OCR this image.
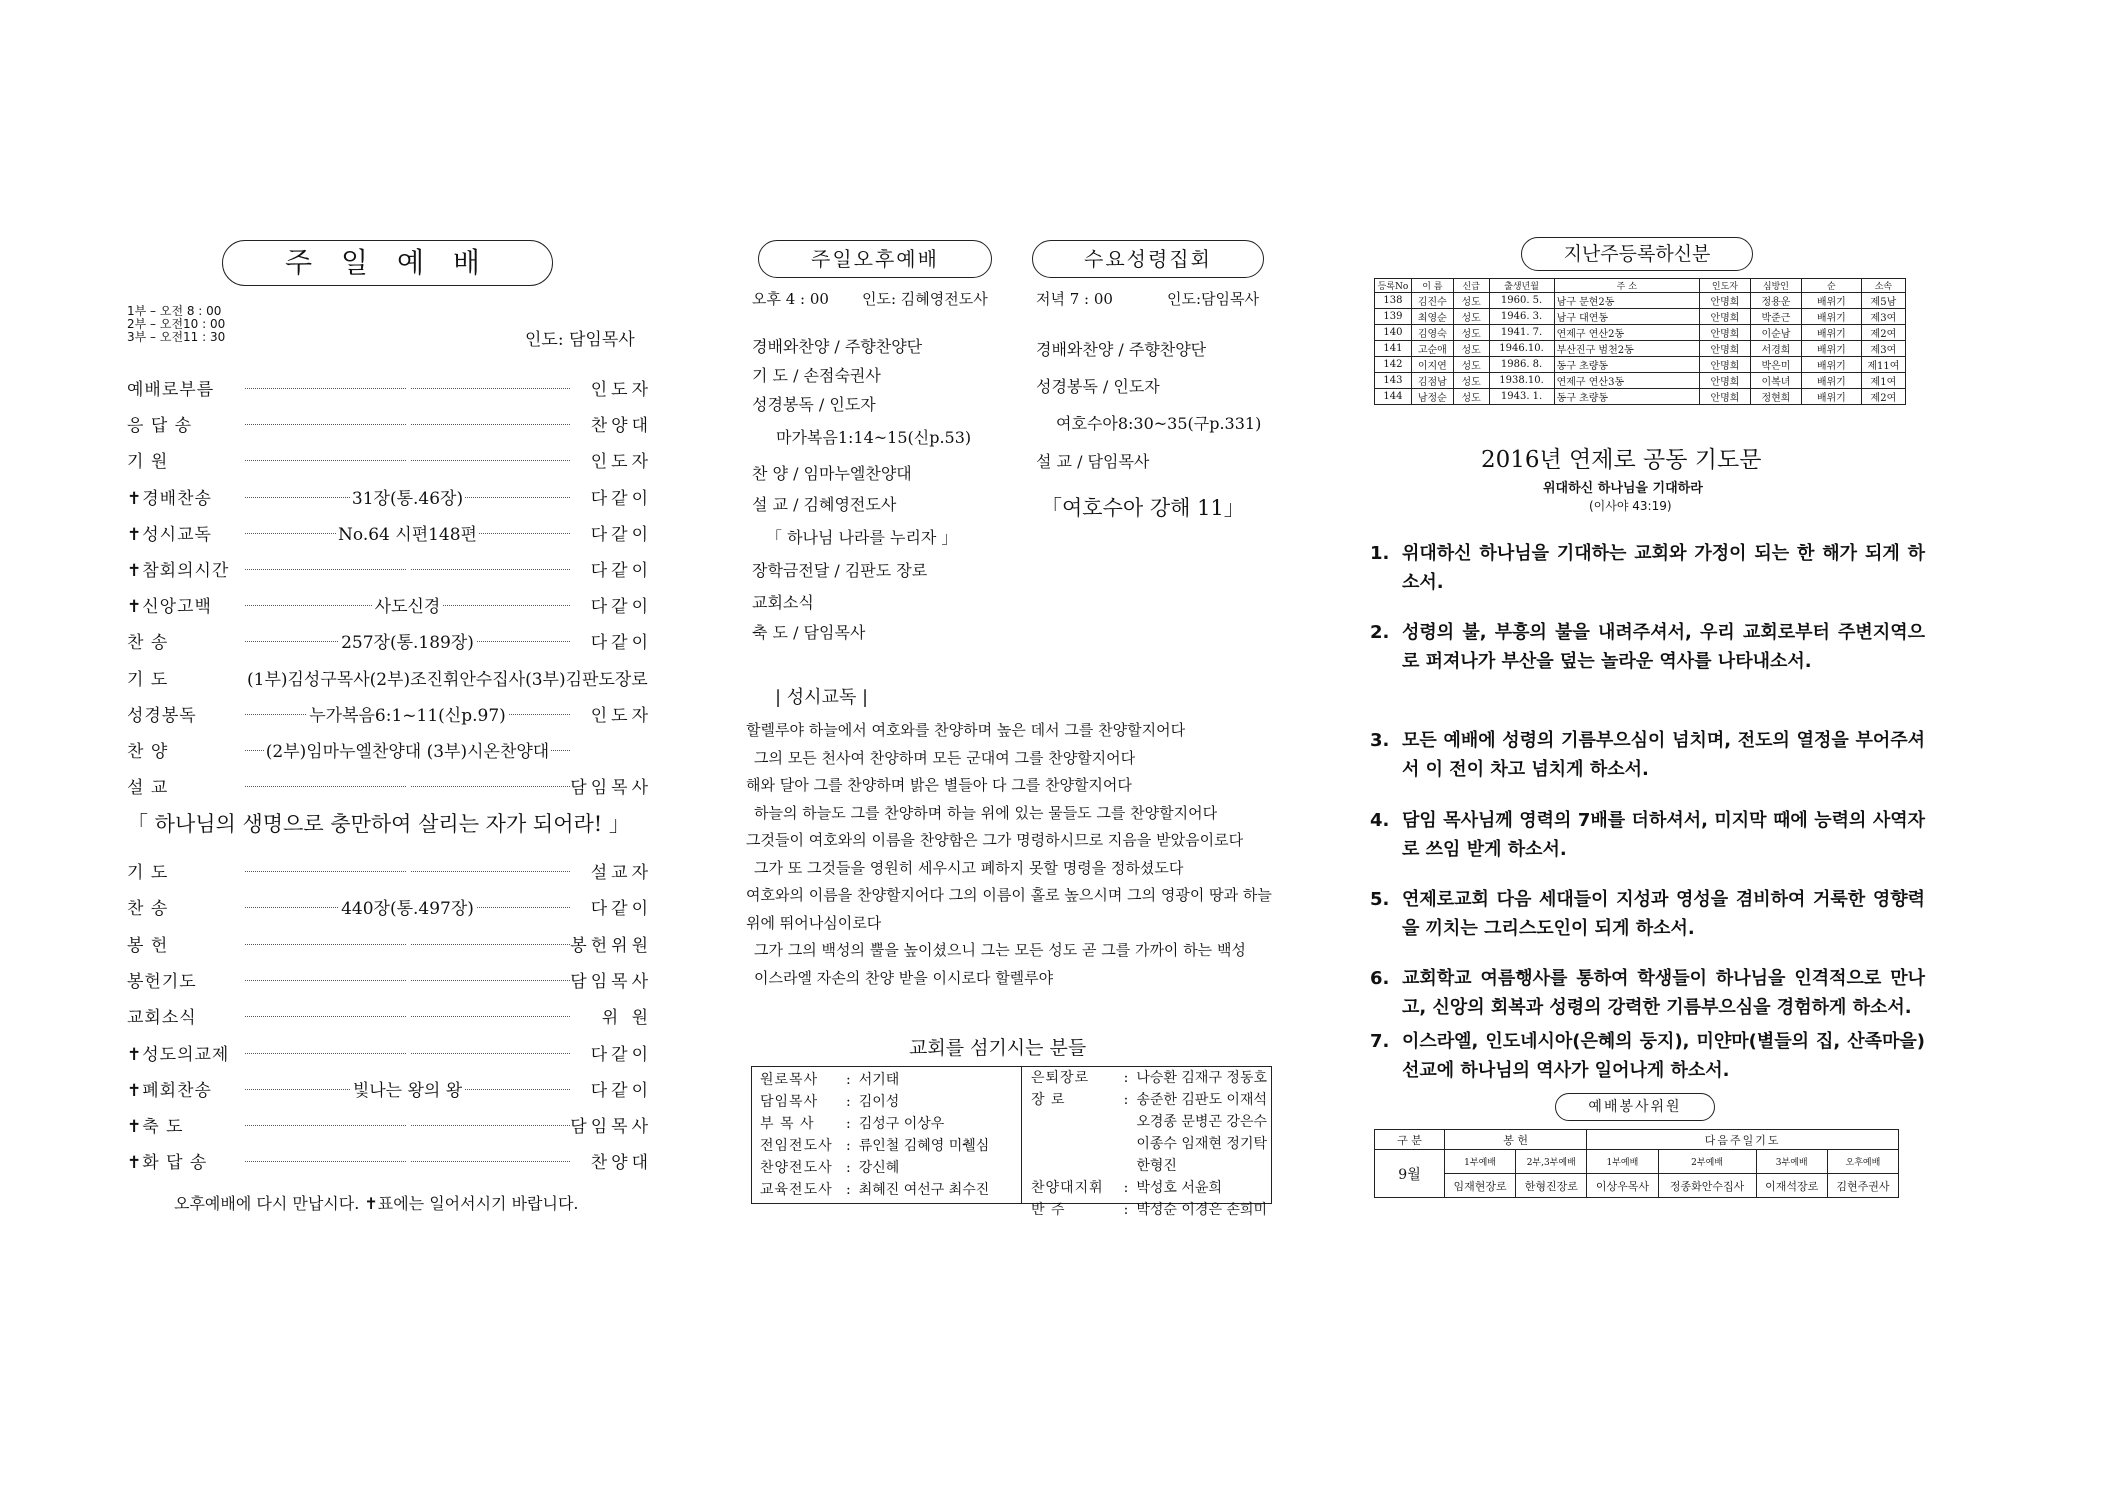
주 일 예 배
1부 – 오전 8 : 00
2부 – 오전10 : 00
3부 – 오전11 : 30	인도: 담임목사
예배로부름	인도자
응 답 송	찬양대
기 원	인도자
✝경배찬송	31장(통.46장)	다같이
✝성시교독	No.64 시편148편	다같이
✝참회의시간	다같이
✝신앙고백	사도신경	다같이
찬 송	257장(통.189장)	다같이
기 도	(1부)김성구목사(2부)조진휘안수집사(3부)김판도장로
성경봉독	누가복음6:1~11(신p.97)	인도자
찬 양	(2부)임마누엘찬양대 (3부)시온찬양대
설 교	담임목사
「 하나님의 생명으로 충만하여 살리는 자가 되어라! 」
기 도	설교자
찬 송	440장(통.497장)	다같이
봉 헌	봉헌위원
봉헌기도	담임목사
교회소식	위 원
✝성도의교제	다같이
✝폐회찬송	빛나는 왕의 왕	다같이
✝축 도	담임목사
✝화 답 송	찬양대
오후예배에 다시 만납시다. ✝표에는 일어서시기 바랍니다.
주일오후예배	수요성령집회
오후 4 : 00 인도: 김혜영전도사	저녁 7 : 00	인도:담임목사
경배와찬양 / 주향찬양단
기 도 / 손점숙권사
성경봉독 / 인도자
마가복음1:14~15(신p.53)
찬 양 / 임마누엘찬양대
설 교 / 김혜영전도사
「 하나님 나라를 누리자 」
장학금전달 / 김판도 장로
교회소식
축 도 / 담임목사
경배와찬양 / 주향찬양단
성경봉독 / 인도자
여호수아8:30~35(구p.331)
설 교 / 담임목사
「여호수아 강해 11」
| 성시교독 |
할렐루야 하늘에서 여호와를 찬양하며 높은 데서 그를 찬양할지어다
그의 모든 천사여 찬양하며 모든 군대여 그를 찬양할지어다
해와 달아 그를 찬양하며 밝은 별들아 다 그를 찬양할지어다
하늘의 하늘도 그를 찬양하며 하늘 위에 있는 물들도 그를 찬양할지어다
그것들이 여호와의 이름을 찬양함은 그가 명령하시므로 지음을 받았음이로다
그가 또 그것들을 영원히 세우시고 폐하지 못할 명령을 정하셨도다
여호와의 이름을 찬양할지어다 그의 이름이 홀로 높으시며 그의 영광이 땅과 하늘
위에 뛰어나심이로다
그가 그의 백성의 뿔을 높이셨으니 그는 모든 성도 곧 그를 가까이 하는 백성
이스라엘 자손의 찬양 받을 이시로다 할렐루야
교회를 섬기시는 분들
원로목사	:	서기태
담임목사	:	김이성
부 목 사	:	김성구 이상우
전임전도사	:	류인철 김혜영 미췔심
찬양전도사	:	강신혜
교육전도사	:	최혜진 여선구 최수진
은퇴장로	:	나승환 김재구 정동호
장 로	:	송준한 김판도 이재석
		오경종 문병곤 강은수
		이종수 임재현 정기탁
		한형진
찬양대지휘	:	박성호 서윤희
반 주	:	박성순 이경은 손희미
지난주등록하신분
등록No	이 름	신급	출생년월	주 소	인도자	심방인	순	소속
138	김진수	성도	1960. 5.	남구 문현2동	안명희	정용운	배위기	제5남
139	최영순	성도	1946. 3.	남구 대연동	안명희	박준근	배위기	제3여
140	김영숙	성도	1941. 7.	연제구 연산2동	안명희	이순남	배위기	제2여
141	고순애	성도	1946.10.	부산진구 범천2동	안명희	서경희	배위기	제3여
142	이지연	성도	1986. 8.	동구 초량동	안명희	박은미	배위기	제11여
143	김점남	성도	1938.10.	연제구 연산3동	안명희	이복녀	배위기	제1여
144	남정순	성도	1943. 1.	동구 초량동	안명희	정현희	배위기	제2여
2016년 연제로 공동 기도문
위대하신 하나님을 기대하라
(이사야 43:19)
1. 위대하신 하나님을 기대하는 교회와 가정이 되는 한 해가 되게 하소서.
2. 성령의 불, 부흥의 불을 내려주셔서, 우리 교회로부터 주변지역으로 퍼져나가 부산을 덮는 놀라운 역사를 나타내소서.
3. 모든 예배에 성령의 기름부으심이 넘치며, 전도의 열정을 부어주셔서 이 전이 차고 넘치게 하소서.
4. 담임 목사님께 영력의 7배를 더하셔서, 미지막 때에 능력의 사역자로 쓰임 받게 하소서.
5. 연제로교회 다음 세대들이 지성과 영성을 겸비하여 거룩한 영향력을 끼치는 그리스도인이 되게 하소서.
6. 교회학교 여름행사를 통하여 학생들이 하나님을 인격적으로 만나고, 신앙의 회복과 성령의 강력한 기름부으심을 경험하게 하소서.
7. 이스라엘, 인도네시아(은혜의 둥지), 미얀마(별들의 집, 산족마을) 선교에 하나님의 역사가 일어나게 하소서.
예배봉사위원
구 분	봉 헌		다음주일기도			
9월	1부예배	2부,3부예배	1부예배	2부예배	3부예배	오후예배
	임재현장로	한형진장로	이상우목사	정종화안수집사	이재석장로	김현주권사
